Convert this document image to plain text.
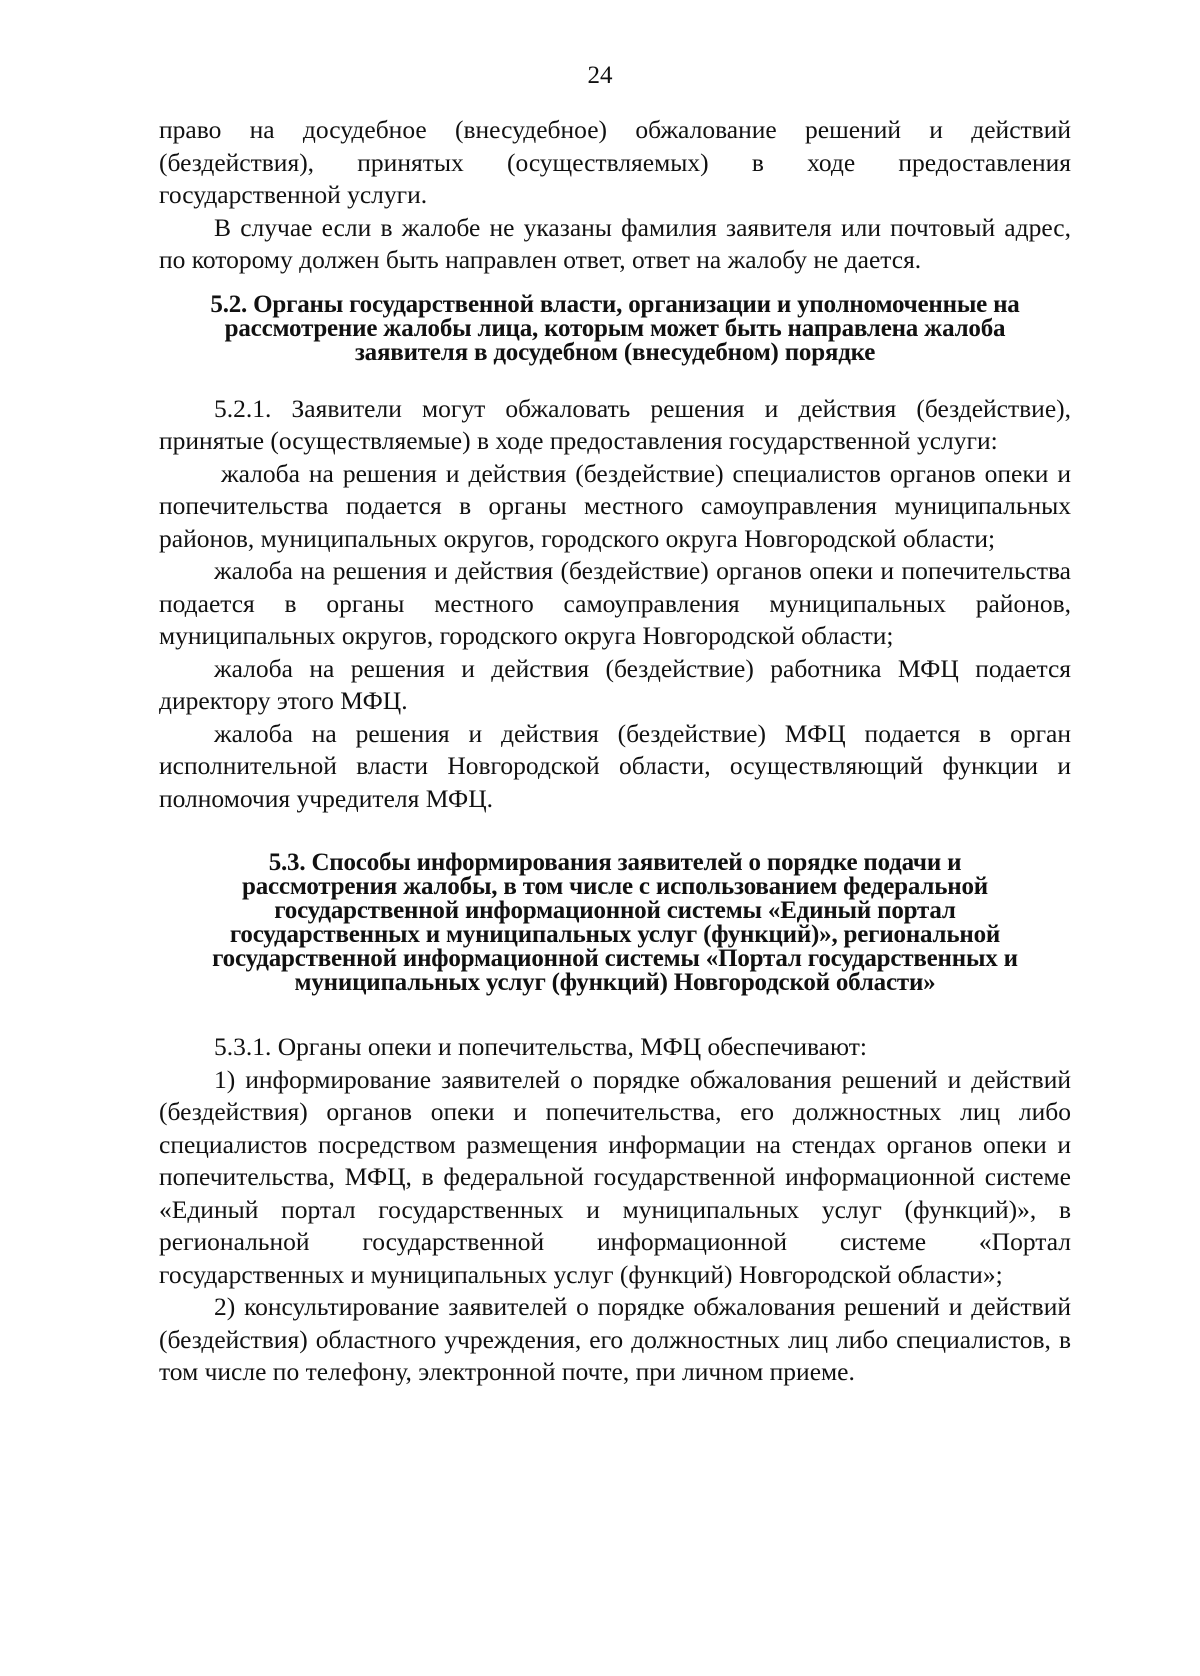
24

право на досудебное (внесудебное) обжалование решений и действий (бездействия), принятых (осуществляемых) в ходе предоставления государственной услуги.

В случае если в жалобе не указаны фамилия заявителя или почтовый адрес, по которому должен быть направлен ответ, ответ на жалобу не дается.

5.2. Органы государственной власти, организации и уполномоченные на рассмотрение жалобы лица, которым может быть направлена жалоба заявителя в досудебном (внесудебном) порядке

5.2.1. Заявители могут обжаловать решения и действия (бездействие), принятые (осуществляемые) в ходе предоставления государственной услуги:

жалоба на решения и действия (бездействие) специалистов органов опеки и попечительства подается в органы местного самоуправления муниципальных районов, муниципальных округов, городского округа Новгородской области;

жалоба на решения и действия (бездействие) органов опеки и попечительства подается в органы местного самоуправления муниципальных районов, муниципальных округов, городского округа Новгородской области;

жалоба на решения и действия (бездействие) работника МФЦ подается директору этого МФЦ.

жалоба на решения и действия (бездействие) МФЦ подается в орган исполнительной власти Новгородской области, осуществляющий функции и полномочия учредителя МФЦ.

5.3. Способы информирования заявителей о порядке подачи и рассмотрения жалобы, в том числе с использованием федеральной государственной информационной системы «Единый портал государственных и муниципальных услуг (функций)», региональной государственной информационной системы «Портал государственных и муниципальных услуг (функций) Новгородской области»

5.3.1. Органы опеки и попечительства, МФЦ обеспечивают:

1) информирование заявителей о порядке обжалования решений и действий (бездействия) органов опеки и попечительства, его должностных лиц либо специалистов посредством размещения информации на стендах органов опеки и попечительства, МФЦ, в федеральной государственной информационной системе «Единый портал государственных и муниципальных услуг (функций)», в региональной государственной информационной системе «Портал государственных и муниципальных услуг (функций) Новгородской области»;

2) консультирование заявителей о порядке обжалования решений и действий (бездействия) областного учреждения, его должностных лиц либо специалистов, в том числе по телефону, электронной почте, при личном приеме.
